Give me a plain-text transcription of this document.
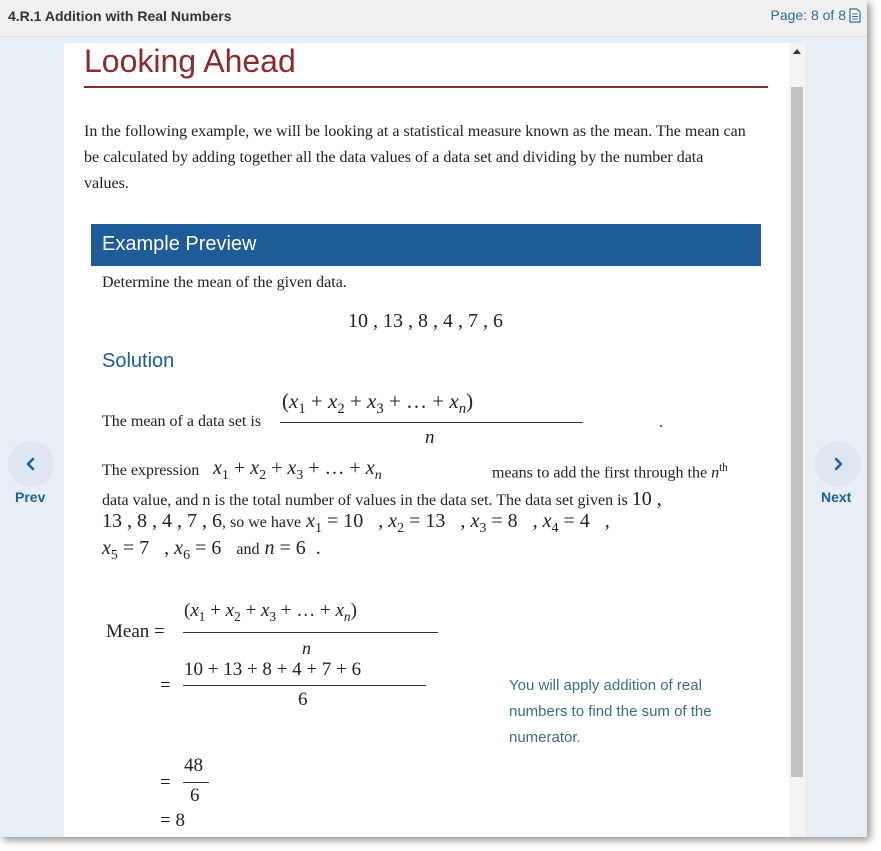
4.R.1 Addition with Real Numbers	Page: 8 of 8
Prev	Next
Looking Ahead
In the following example, we will be looking at a statistical measure known as the mean. The mean can be calculated by adding together all the data values of a data set and dividing by the number data values.
Example Preview
Determine the mean of the given data.
10 , 13 , 8 , 4 , 7 , 6
Solution
The mean of a data set is
($x_1 + x_2 + x_3$ + … + $x_n$)
n
.
The expression $x_1 + x_2 + x_3$ + … + $x_n$	means to add the first through the $n^{th}$
data value, and n is the total number of values in the data set. The data set given is 10 ,
13 , 8 , 4 , 7 , 6, so we have $x_1 = 10$   , $x_2 = 13$   , $x_3 = 8$   , $x_4 = 4$   ,
$x_5 = 7$   , $x_6 = 6$   and n = 6  .
Mean =
($x_1 + x_2 + x_3$ + … + $x_n$)
n
=
10 + 13 + 8 + 4 + 7 + 6
6
You will apply addition of real numbers to find the sum of the numerator.
=
48
6
= 8
